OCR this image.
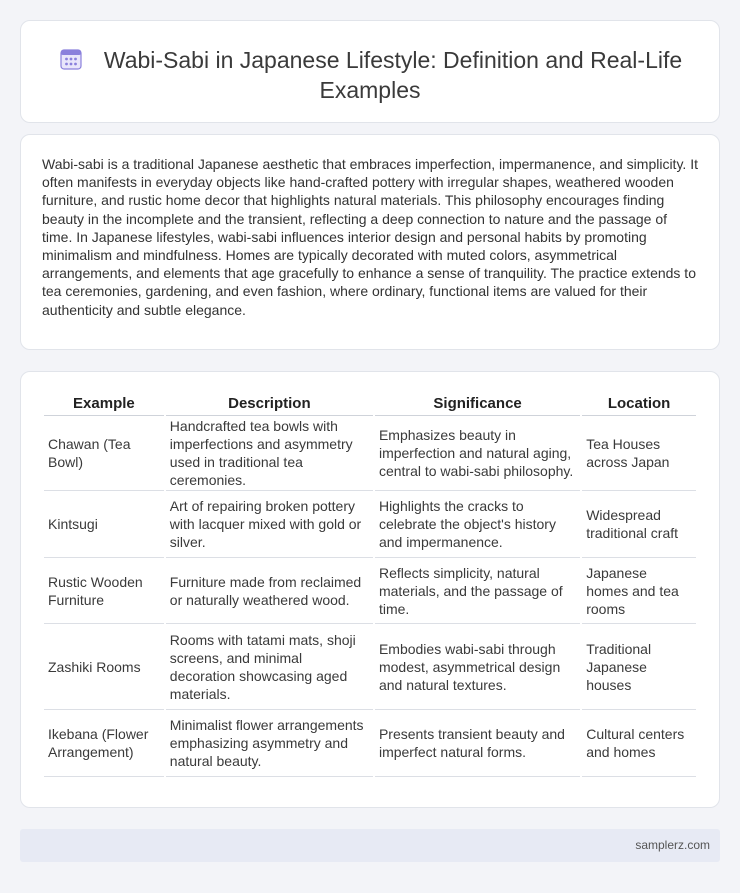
Wabi-Sabi in Japanese Lifestyle: Definition and Real-Life Examples

Wabi-sabi is a traditional Japanese aesthetic that embraces imperfection, impermanence, and simplicity. It often manifests in everyday objects like hand-crafted pottery with irregular shapes, weathered wooden furniture, and rustic home decor that highlights natural materials. This philosophy encourages finding beauty in the incomplete and the transient, reflecting a deep connection to nature and the passage of time. In Japanese lifestyles, wabi-sabi influences interior design and personal habits by promoting minimalism and mindfulness. Homes are typically decorated with muted colors, asymmetrical arrangements, and elements that age gracefully to enhance a sense of tranquility. The practice extends to tea ceremonies, gardening, and even fashion, where ordinary, functional items are valued for their authenticity and subtle elegance.

Example	Description	Significance	Location
Chawan (Tea Bowl)	Handcrafted tea bowls with imperfections and asymmetry used in traditional tea ceremonies.	Emphasizes beauty in imperfection and natural aging, central to wabi-sabi philosophy.	Tea Houses across Japan
Kintsugi	Art of repairing broken pottery with lacquer mixed with gold or silver.	Highlights the cracks to celebrate the object's history and impermanence.	Widespread traditional craft
Rustic Wooden Furniture	Furniture made from reclaimed or naturally weathered wood.	Reflects simplicity, natural materials, and the passage of time.	Japanese homes and tea rooms
Zashiki Rooms	Rooms with tatami mats, shoji screens, and minimal decoration showcasing aged materials.	Embodies wabi-sabi through modest, asymmetrical design and natural textures.	Traditional Japanese houses
Ikebana (Flower Arrangement)	Minimalist flower arrangements emphasizing asymmetry and natural beauty.	Presents transient beauty and imperfect natural forms.	Cultural centers and homes
samplerz.com
